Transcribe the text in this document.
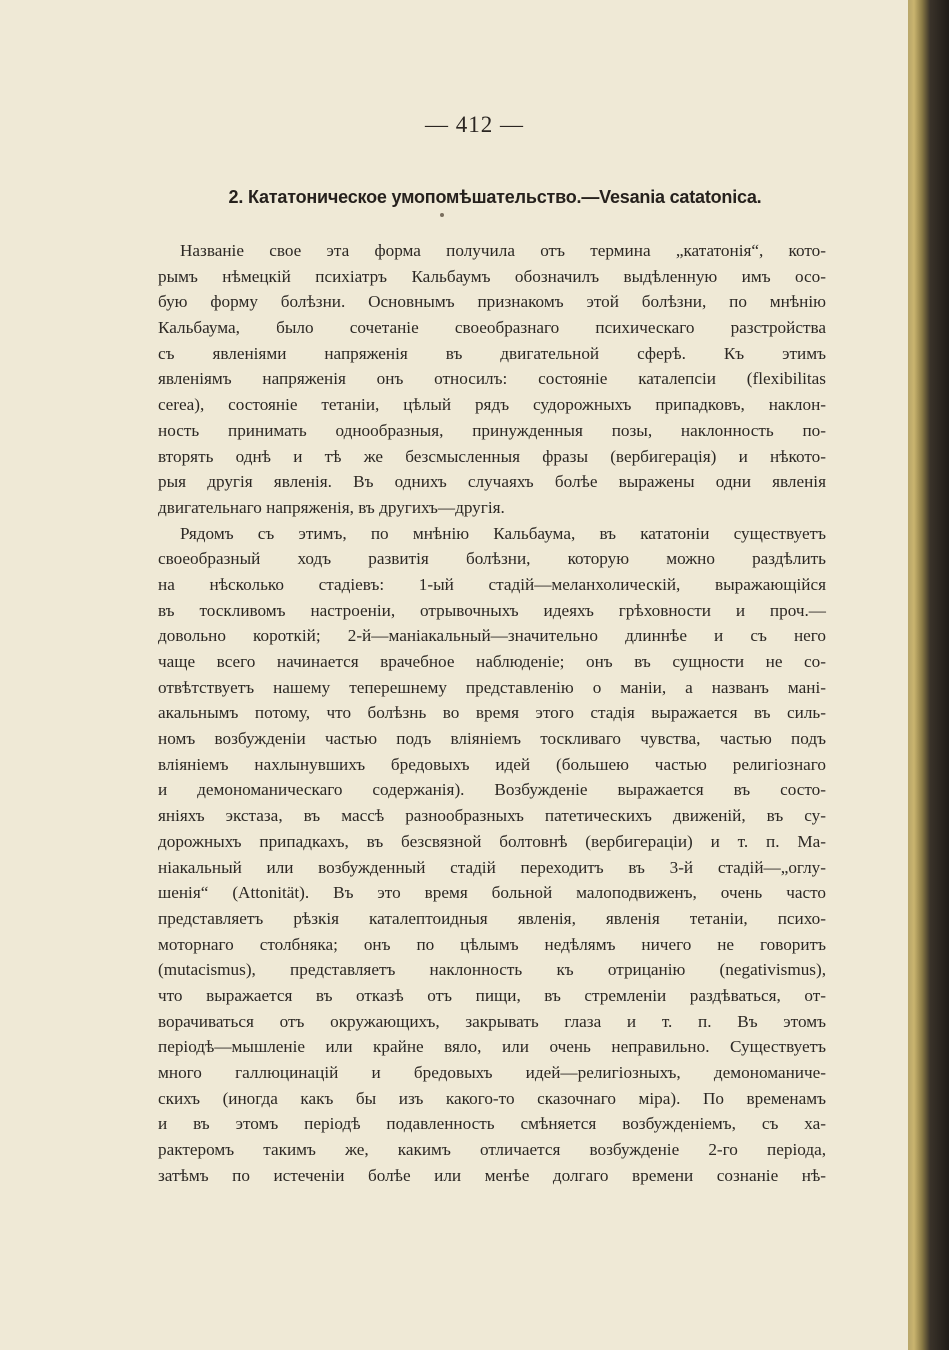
— 412 —
2. Кататоническое умопомѣшательство.—Vesania catatonica.
Названіе свое эта форма получила отъ термина „кататонія“, кото-
рымъ нѣмецкій психіатръ Кальбаумъ обозначилъ выдѣленную имъ осо-
бую форму болѣзни. Основнымъ признакомъ этой болѣзни, по мнѣнію
Кальбаума, было сочетаніе своеобразнаго психическаго разстройства
съ явленіями напряженія въ двигательной сферѣ. Къ этимъ
явленіямъ напряженія онъ относилъ: состояніе каталепсіи (flexibilitas
cerea), состояніе тетаніи, цѣлый рядъ судорожныхъ припадковъ, наклон-
ность принимать однообразныя, принужденныя позы, наклонность по-
вторять однѣ и тѣ же безсмысленныя фразы (вербигерація) и нѣкото-
рыя другія явленія. Въ однихъ случаяхъ болѣе выражены одни явленія
двигательнаго напряженія, въ другихъ—другія.
Рядомъ съ этимъ, по мнѣнію Кальбаума, въ кататоніи существуетъ
своеобразный ходъ развитія болѣзни, которую можно раздѣлить
на нѣсколько стадіевъ: 1-ый стадій—меланхолическій, выражающійся
въ тоскливомъ настроеніи, отрывочныхъ идеяхъ грѣховности и проч.—
довольно короткій; 2-й—маніакальный—значительно длиннѣе и съ него
чаще всего начинается врачебное наблюденіе; онъ въ сущности не со-
отвѣтствуетъ нашему теперешнему представленію о маніи, а названъ мані-
акальнымъ потому, что болѣзнь во время этого стадія выражается въ силь-
номъ возбужденіи частью подъ вліяніемъ тоскливаго чувства, частью подъ
вліяніемъ нахлынувшихъ бредовыхъ идей (большею частью религіознаго
и демономаническаго содержанія). Возбужденіе выражается въ состо-
яніяхъ экстаза, въ массѣ разнообразныхъ патетическихъ движеній, въ су-
дорожныхъ припадкахъ, въ безсвязной болтовнѣ (вербигераціи) и т. п. Ма-
ніакальный или возбужденный стадій переходитъ въ 3-й стадій—„оглу-
шенія“ (Attonität). Въ это время больной малоподвиженъ, очень часто
представляетъ рѣзкія каталептоидныя явленія, явленія тетаніи, психо-
моторнаго столбняка; онъ по цѣлымъ недѣлямъ ничего не говоритъ
(mutacismus), представляетъ наклонность къ отрицанію (negativismus),
что выражается въ отказѣ отъ пищи, въ стремленіи раздѣваться, от-
ворачиваться отъ окружающихъ, закрывать глаза и т. п. Въ этомъ
періодѣ—мышленіе или крайне вяло, или очень неправильно. Существуетъ
много галлюцинацій и бредовыхъ идей—религіозныхъ, демономаниче-
скихъ (иногда какъ бы изъ какого-то сказочнаго міра). По временамъ
и въ этомъ періодѣ подавленность смѣняется возбужденіемъ, съ ха-
рактеромъ такимъ же, какимъ отличается возбужденіе 2-го періода,
затѣмъ по истеченіи болѣе или менѣе долгаго времени сознаніе нѣ-
